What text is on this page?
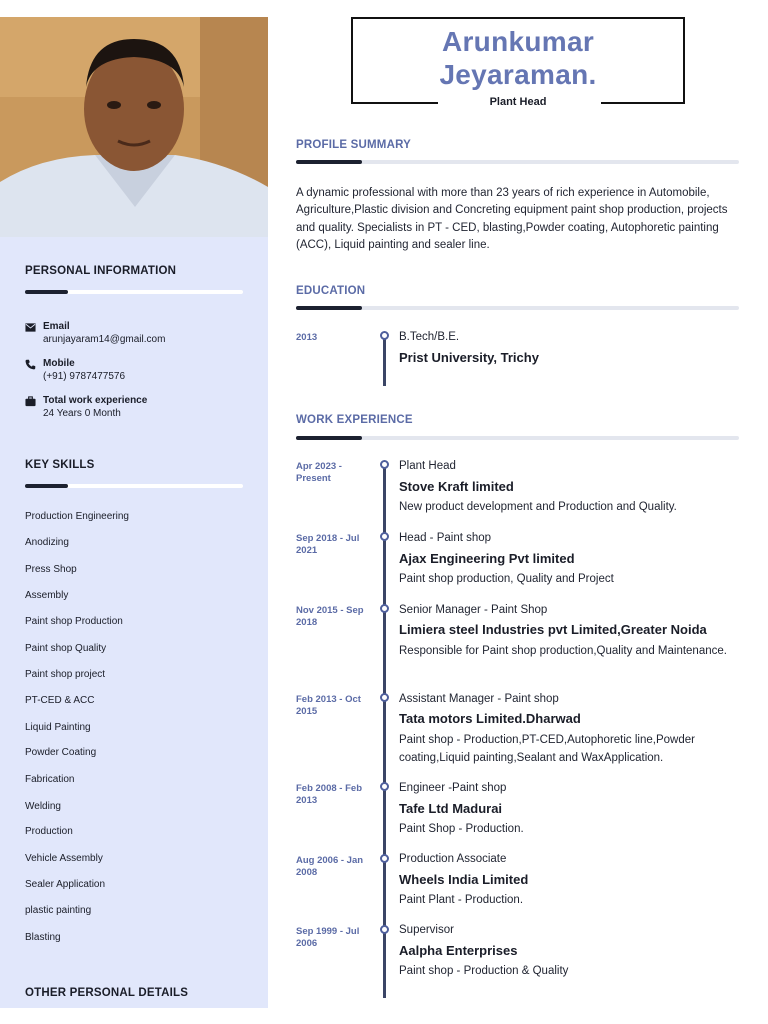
PERSONAL INFORMATION
Email
arunjayaram14@gmail.com
Mobile
(+91) 9787477576
Total work experience
24 Years 0 Month
KEY SKILLS
Production Engineering
Anodizing
Press Shop
Assembly
Paint shop Production
Paint shop Quality
Paint shop project
PT-CED & ACC
Liquid Painting
Powder Coating
Fabrication
Welding
Production
Vehicle Assembly
Sealer Application
plastic painting
Blasting
OTHER PERSONAL DETAILS
Arunkumar
Jeyaraman.
Plant Head
PROFILE SUMMARY
A dynamic professional with more than 23 years of rich experience in Automobile, Agriculture,Plastic division and Concreting equipment paint shop production, projects and quality. Specialists in PT - CED, blasting,Powder coating, Autophoretic painting (ACC), Liquid painting and sealer line.
EDUCATION
2013	B.Tech/B.E.
Prist University, Trichy
WORK EXPERIENCE
Apr 2023 - Present
Plant Head
Stove Kraft limited
New product development and Production and Quality.
Sep 2018 - Jul 2021
Head - Paint shop
Ajax Engineering Pvt limited
Paint shop production, Quality and Project
Nov 2015 - Sep 2018
Senior Manager - Paint Shop
Limiera steel Industries pvt Limited,Greater Noida
Responsible for Paint shop production,Quality and Maintenance.
Feb 2013 - Oct 2015
Assistant Manager - Paint shop
Tata motors Limited.Dharwad
Paint shop - Production,PT-CED,Autophoretic line,Powder coating,Liquid painting,Sealant and WaxApplication.
Feb 2008 - Feb 2013
Engineer -Paint shop
Tafe Ltd Madurai
Paint Shop - Production.
Aug 2006 - Jan 2008
Production Associate
Wheels India Limited
Paint Plant - Production.
Sep 1999 - Jul 2006
Supervisor
Aalpha Enterprises
Paint shop - Production & Quality
